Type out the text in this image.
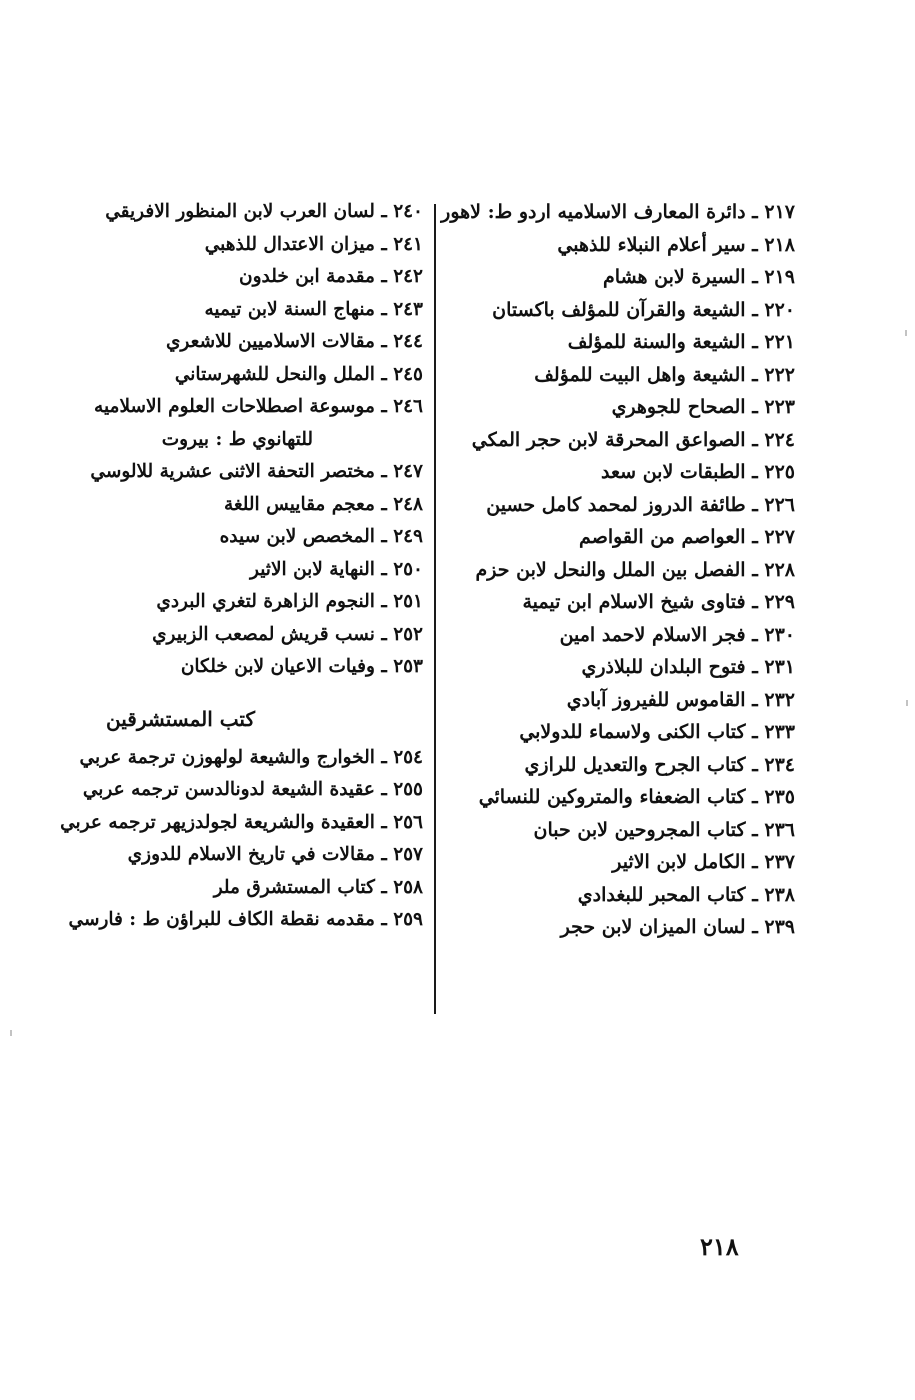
٢١٧ ـ دائرة المعارف الاسلاميه اردو ط: لاهور
٢١٨ ـ سير أعلام النبلاء للذهبي
٢١٩ ـ السيرة لابن هشام
٢٢٠ ـ الشيعة والقرآن للمؤلف باكستان
٢٢١ ـ الشيعة والسنة للمؤلف
٢٢٢ ـ الشيعة واهل البيت للمؤلف
٢٢٣ ـ الصحاح للجوهري
٢٢٤ ـ الصواعق المحرقة لابن حجر المكي
٢٢٥ ـ الطبقات لابن سعد
٢٢٦ ـ طائفة الدروز لمحمد كامل حسين
٢٢٧ ـ العواصم من القواصم
٢٢٨ ـ الفصل بين الملل والنحل لابن حزم
٢٢٩ ـ فتاوى شيخ الاسلام ابن تيمية
٢٣٠ ـ فجر الاسلام لاحمد امين
٢٣١ ـ فتوح البلدان للبلاذري
٢٣٢ ـ القاموس للفيروز آبادي
٢٣٣ ـ كتاب الكنى ولاسماء للدولابي
٢٣٤ ـ كتاب الجرح والتعديل للرازي
٢٣٥ ـ كتاب الضعفاء والمتروكين للنسائي
٢٣٦ ـ كتاب المجروحين لابن حبان
٢٣٧ ـ الكامل لابن الاثير
٢٣٨ ـ كتاب المحبر للبغدادي
٢٣٩ ـ لسان الميزان لابن حجر
٢٤٠ ـ لسان العرب لابن المنظور الافريقي
٢٤١ ـ ميزان الاعتدال للذهبي
٢٤٢ ـ مقدمة ابن خلدون
٢٤٣ ـ منهاج السنة لابن تيميه
٢٤٤ ـ مقالات الاسلاميين للاشعري
٢٤٥ ـ الملل والنحل للشهرستاني
٢٤٦ ـ موسوعة اصطلاحات العلوم الاسلاميه
للتهانوي ط : بيروت
٢٤٧ ـ مختصر التحفة الاثنى عشرية للالوسي
٢٤٨ ـ معجم مقاييس اللغة
٢٤٩ ـ المخصص لابن سيده
٢٥٠ ـ النهاية لابن الاثير
٢٥١ ـ النجوم الزاهرة لتغري البردي
٢٥٢ ـ نسب قريش لمصعب الزبيري
٢٥٣ ـ وفيات الاعيان لابن خلكان
كتب المستشرقين
٢٥٤ ـ الخوارج والشيعة لولهوزن ترجمة عربي
٢٥٥ ـ عقيدة الشيعة لدونالدسن ترجمه عربي
٢٥٦ ـ العقيدة والشريعة لجولدزيهر ترجمه عربي
٢٥٧ ـ مقالات في تاريخ الاسلام للدوزي
٢٥٨ ـ كتاب المستشرق ملر
٢٥٩ ـ مقدمه نقطة الكاف للبراؤن ط : فارسي
٢١٨
